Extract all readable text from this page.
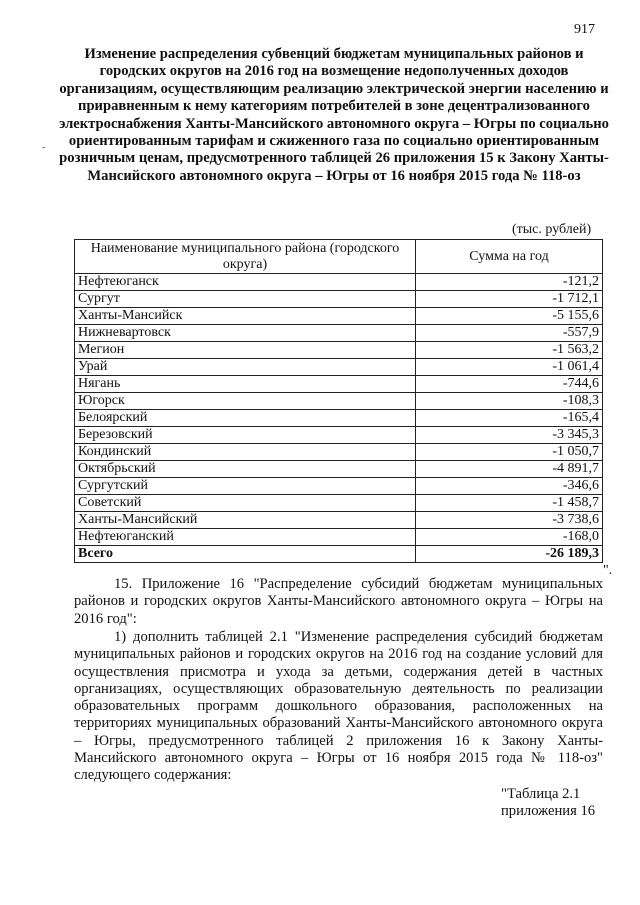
917
-
Изменение распределения субвенций бюджетам муниципальных районов и городских округов на 2016 год на возмещение недополученных доходов организациям, осуществляющим реализацию электрической энергии населению и приравненным к нему категориям потребителей в зоне децентрализованного электроснабжения Ханты-Мансийского автономного округа – Югры по социально ориентированным тарифам и сжиженного газа по социально ориентированным розничным ценам, предусмотренного таблицей 26 приложения 15 к Закону Ханты-Мансийского автономного округа – Югры от 16 ноября 2015 года № 118-оз
(тыс. рублей)
Наименование муниципального района (городского округа)	Сумма на год
Нефтеюганск	-121,2
Сургут	-1 712,1
Ханты-Мансийск	-5 155,6
Нижневартовск	-557,9
Мегион	-1 563,2
Урай	-1 061,4
Нягань	-744,6
Югорск	-108,3
Белоярский	-165,4
Березовский	-3 345,3
Кондинский	-1 050,7
Октябрьский	-4 891,7
Сургутский	-346,6
Советский	-1 458,7
Ханты-Мансийский	-3 738,6
Нефтеюганский	-168,0
Всего	-26 189,3
".
15. Приложение 16 "Распределение субсидий бюджетам муниципальных районов и городских округов Ханты-Мансийского автономного округа – Югры на 2016 год":
1) дополнить таблицей 2.1 "Изменение распределения субсидий бюджетам муниципальных районов и городских округов на 2016 год на создание условий для осуществления присмотра и ухода за детьми, содержания детей в частных организациях, осуществляющих образовательную деятельность по реализации образовательных программ дошкольного образования, расположенных на территориях муниципальных образований Ханты-Мансийского автономного округа – Югры, предусмотренного таблицей 2 приложения 16 к Закону Ханты-Мансийского автономного округа – Югры от 16 ноября 2015 года № 118-оз" следующего содержания:
"Таблица 2.1
приложения 16
